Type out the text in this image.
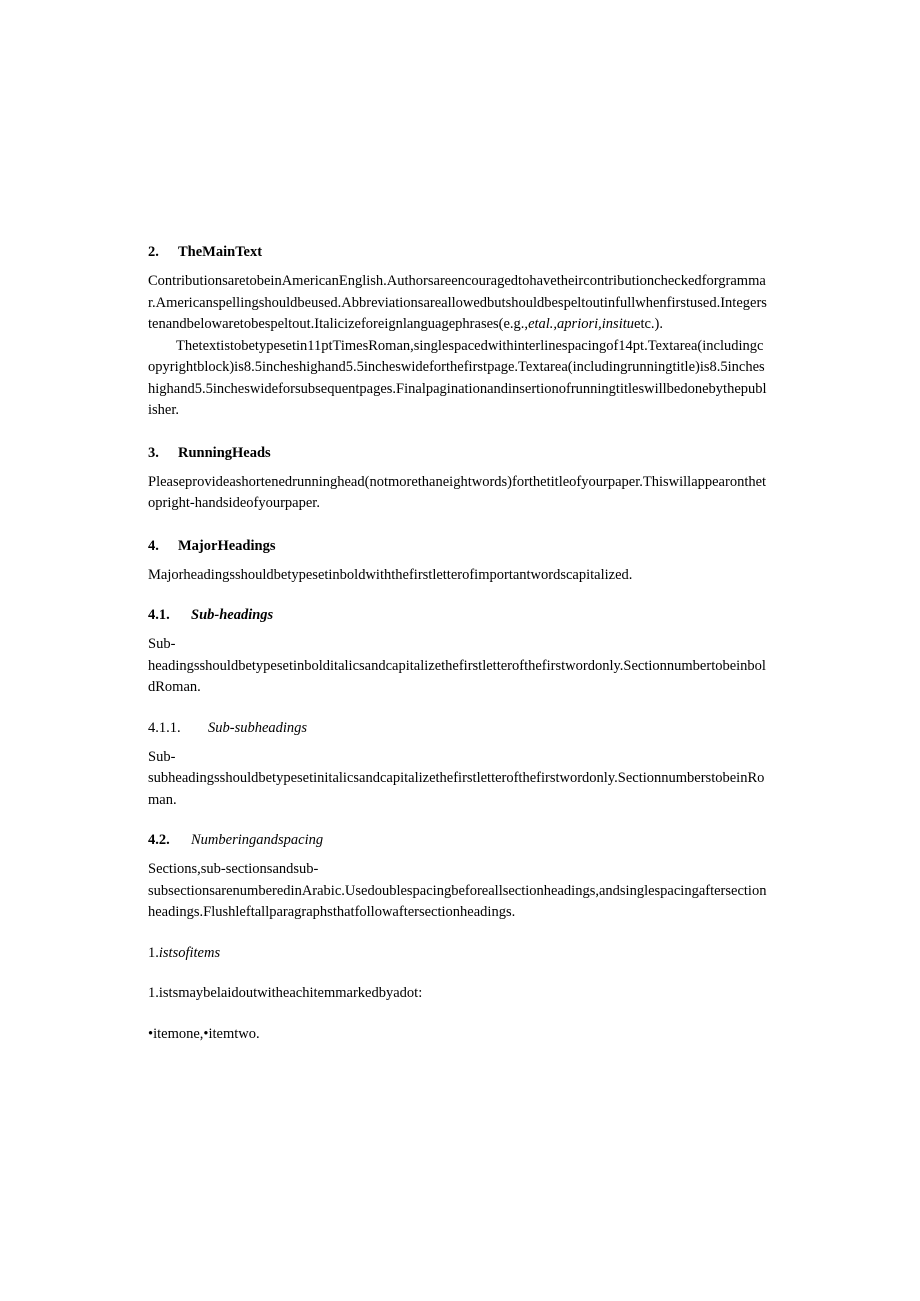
2.	TheMainText

ContributionsaretobeinAmericanEnglish.Authorsareencouragedtohavetheircontributioncheckedforgrammar.Americanspellingshouldbeused.Abbreviationsareallowedbutshouldbespeltoutinfullwhenfirstused.Integerstenandbelowaretobespeltout.Italicizeforeignlanguagephrases(e.g.,etal.,apriori,insituetc.).

Thetextistobetypesetin11ptTimesRoman,singlespacedwithinterlinespacingof14pt.Textarea(includingcopyrightblock)is8.5incheshighand5.5incheswideforthefirstpage.Textarea(includingrunningtitle)is8.5incheshighand5.5incheswideforsubsequentpages.Finalpaginationandinsertionofrunningtitleswillbedonebythepublisher.

3.	RunningHeads

Pleaseprovideashortenedrunninghead(notmorethaneightwords)forthetitleofyourpaper.Thiswillappearonthetopright-handsideofyourpaper.

4.	MajorHeadings

Majorheadingsshouldbetypesetinboldwiththefirstletterofimportantwordscapitalized.

4.1.	Sub-headings

Sub-
headingsshouldbetypesetinbolditalicsandcapitalizethefirstletterofthefirstwordonly.SectionnumbertobeinboldRoman.

4.1.1.	Sub-subheadings

Sub-
subheadingsshouldbetypesetinitalicsandcapitalizethefirstletterofthefirstwordonly.SectionnumberstobeinRoman.

4.2.	Numberingandspacing

Sections,sub-sectionsandsub-
subsectionsarenumberedinArabic.Usedoublespacingbeforeallsectionheadings,andsinglespacingaftersectionheadings.Flushleftallparagraphsthatfollowaftersectionheadings.

1.istsofitems

1.istsmaybelaidoutwitheachitemmarkedbyadot:

•itemone,•itemtwo.
